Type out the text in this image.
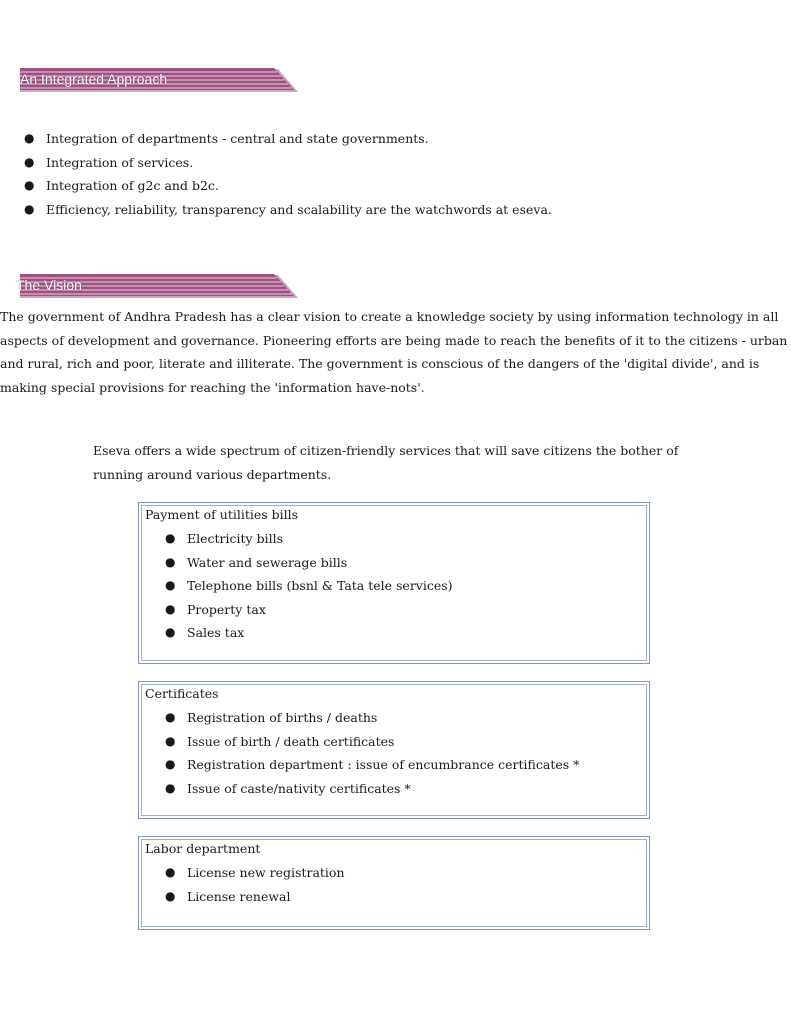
An Integrated Approach
● Integration of departments - central and state governments.
● Integration of services.
● Integration of g2c and b2c.
● Efficiency, reliability, transparency and scalability are the watchwords at eseva.
The Vision
The government of Andhra Pradesh has a clear vision to create a knowledge society by using information technology in all
aspects of development and governance. Pioneering efforts are being made to reach the benefits of it to the citizens - urban
and rural, rich and poor, literate and illiterate. The government is conscious of the dangers of the 'digital divide', and is
making special provisions for reaching the 'information have-nots'.
Eseva offers a wide spectrum of citizen-friendly services that will save citizens the bother of
running around various departments.
Payment of utilities bills
● Electricity bills
● Water and sewerage bills
● Telephone bills (bsnl & Tata tele services)
● Property tax
● Sales tax
Certificates
● Registration of births / deaths
● Issue of birth / death certificates
● Registration department : issue of encumbrance certificates *
● Issue of caste/nativity certificates *
Labor department
● License new registration
● License renewal
